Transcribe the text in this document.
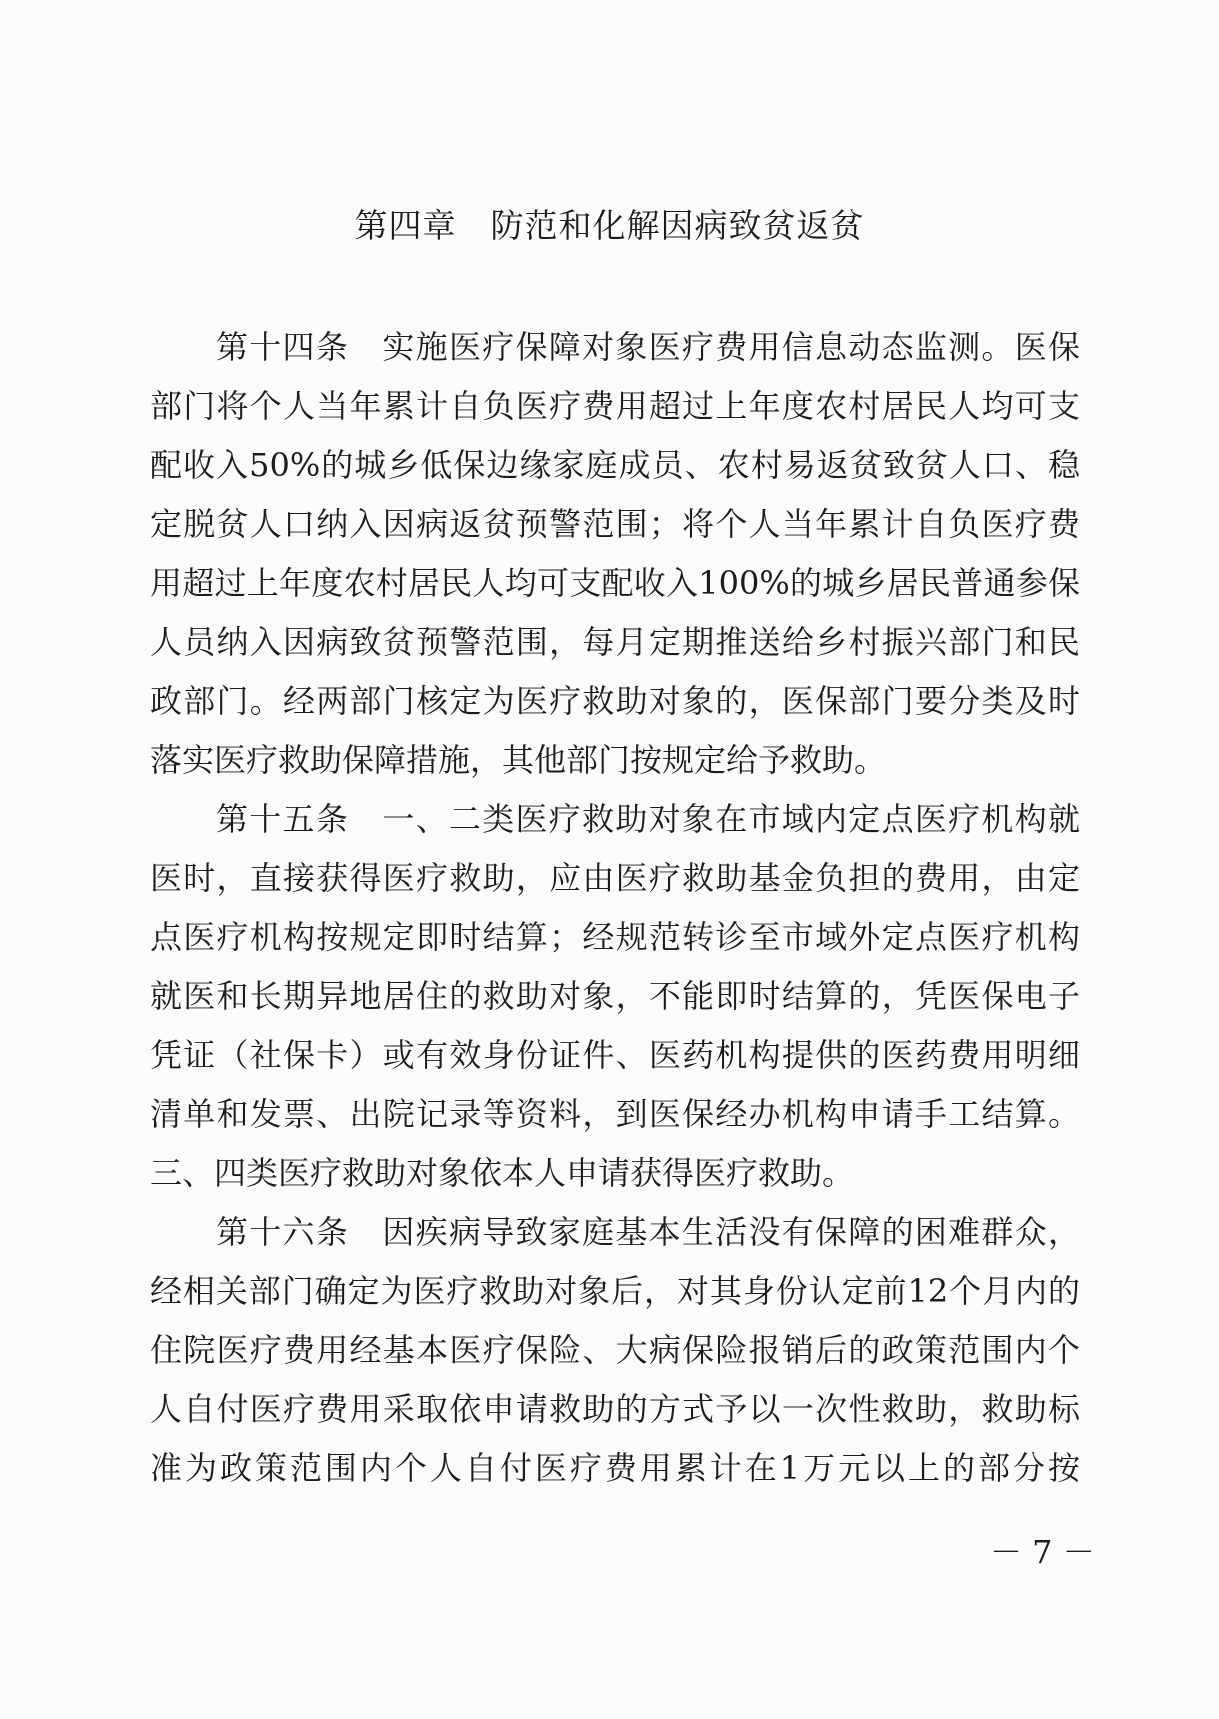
第四章　防范和化解因病致贫返贫
第十四条　实施医疗保障对象医疗费用信息动态监测。医保
部门将个人当年累计自负医疗费用超过上年度农村居民人均可支
配收入50%的城乡低保边缘家庭成员、农村易返贫致贫人口、稳
定脱贫人口纳入因病返贫预警范围；将个人当年累计自负医疗费
用超过上年度农村居民人均可支配收入100%的城乡居民普通参保
人员纳入因病致贫预警范围，每月定期推送给乡村振兴部门和民
政部门。经两部门核定为医疗救助对象的，医保部门要分类及时
落实医疗救助保障措施，其他部门按规定给予救助。
第十五条　一、二类医疗救助对象在市域内定点医疗机构就
医时，直接获得医疗救助，应由医疗救助基金负担的费用，由定
点医疗机构按规定即时结算；经规范转诊至市域外定点医疗机构
就医和长期异地居住的救助对象，不能即时结算的，凭医保电子
凭证（社保卡）或有效身份证件、医药机构提供的医药费用明细
清单和发票、出院记录等资料，到医保经办机构申请手工结算。
三、四类医疗救助对象依本人申请获得医疗救助。
第十六条　因疾病导致家庭基本生活没有保障的困难群众，
经相关部门确定为医疗救助对象后，对其身份认定前12个月内的
住院医疗费用经基本医疗保险、大病保险报销后的政策范围内个
人自付医疗费用采取依申请救助的方式予以一次性救助，救助标
准为政策范围内个人自付医疗费用累计在1万元以上的部分按

－ 7 －
